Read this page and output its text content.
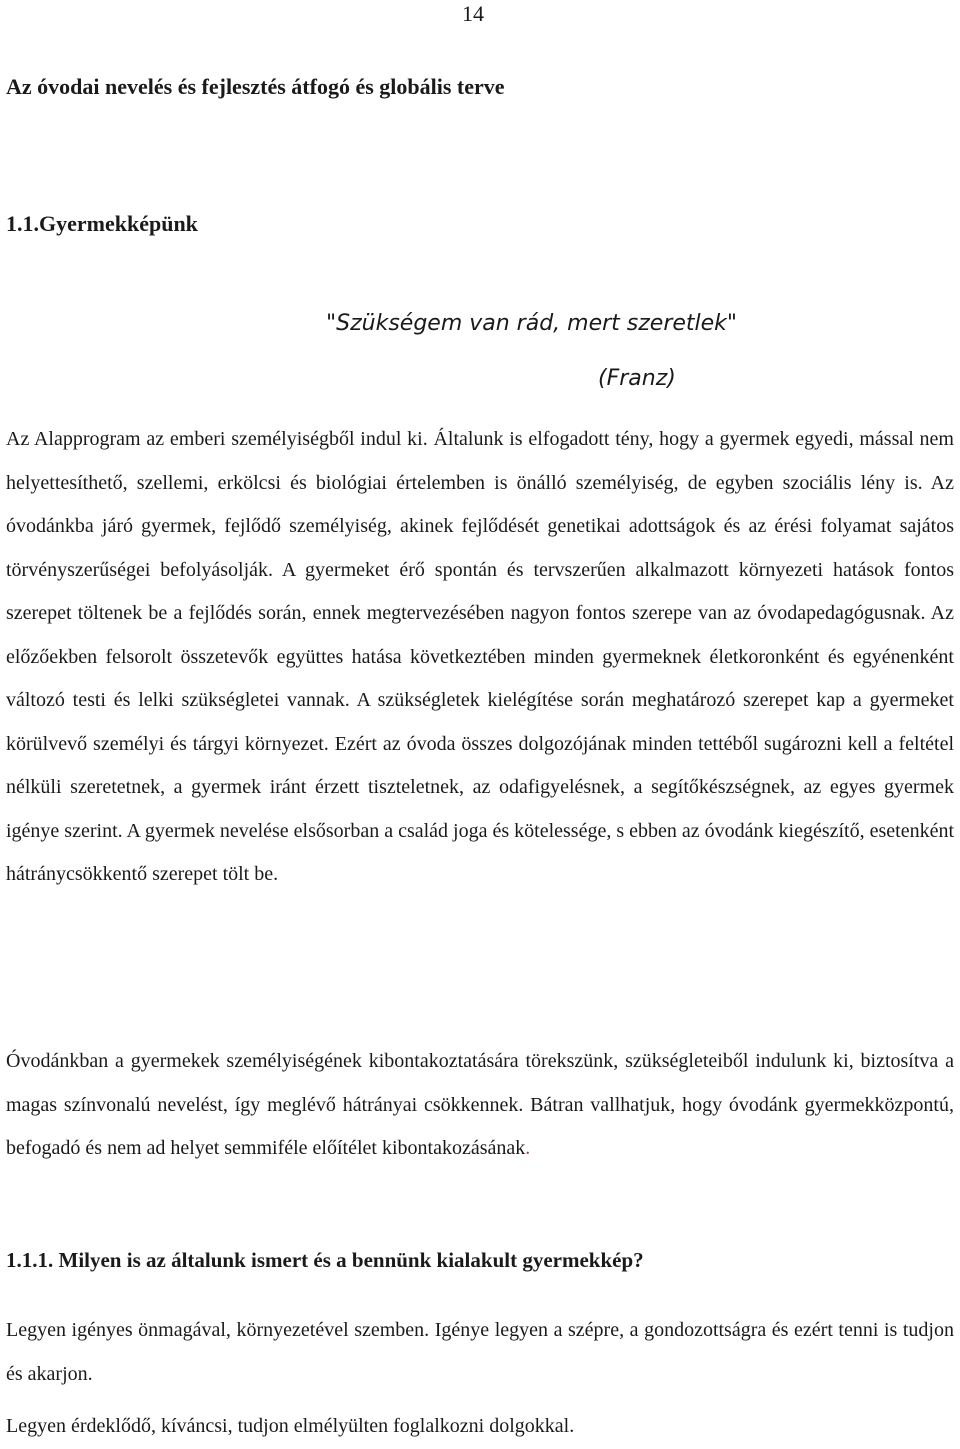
14
Az óvodai nevelés és fejlesztés átfogó és globális terve
1.1.Gyermekképünk
"Szükségem van rád, mert szeretlek"
(Franz)

Az Alapprogram az emberi személyiségből indul ki. Általunk is elfogadott tény, hogy a gyermek egyedi, mással nem helyettesíthető, szellemi, erkölcsi és biológiai értelemben is önálló személyiség, de egyben szociális lény is. Az óvodánkba járó gyermek, fejlődő személyiség, akinek fejlődését genetikai adottságok és az érési folyamat sajátos törvényszerűségei befolyásolják. A gyermeket érő spontán és tervszerűen alkalmazott környezeti hatások fontos szerepet töltenek be a fejlődés során, ennek megtervezésében nagyon fontos szerepe van az óvodapedagógusnak. Az előzőekben felsorolt összetevők együttes hatása következtében minden gyermeknek életkoronként és egyénenként változó testi és lelki szükségletei vannak. A szükségletek kielégítése során meghatározó szerepet kap a gyermeket körülvevő személyi és tárgyi környezet. Ezért az óvoda összes dolgozójának minden tettéből sugározni kell a feltétel nélküli szeretetnek, a gyermek iránt érzett tiszteletnek, az odafigyelésnek, a segítőkészségnek, az egyes gyermek igénye szerint. A gyermek nevelése elsősorban a család joga és kötelessége, s ebben az óvodánk kiegészítő, esetenként hátránycsökkentő szerepet tölt be.

Óvodánkban a gyermekek személyiségének kibontakoztatására törekszünk, szükségleteiből indulunk ki, biztosítva a magas színvonalú nevelést, így meglévő hátrányai csökkennek. Bátran vallhatjuk, hogy óvodánk gyermekközpontú, befogadó és nem ad helyet semmiféle előítélet kibontakozásának.

1.1.1. Milyen is az általunk ismert és a bennünk kialakult gyermekkép?

Legyen igényes önmagával, környezetével szemben. Igénye legyen a szépre, a gondozottságra és ezért tenni is tudjon és akarjon.

Legyen érdeklődő, kíváncsi, tudjon elmélyülten foglalkozni dolgokkal.
